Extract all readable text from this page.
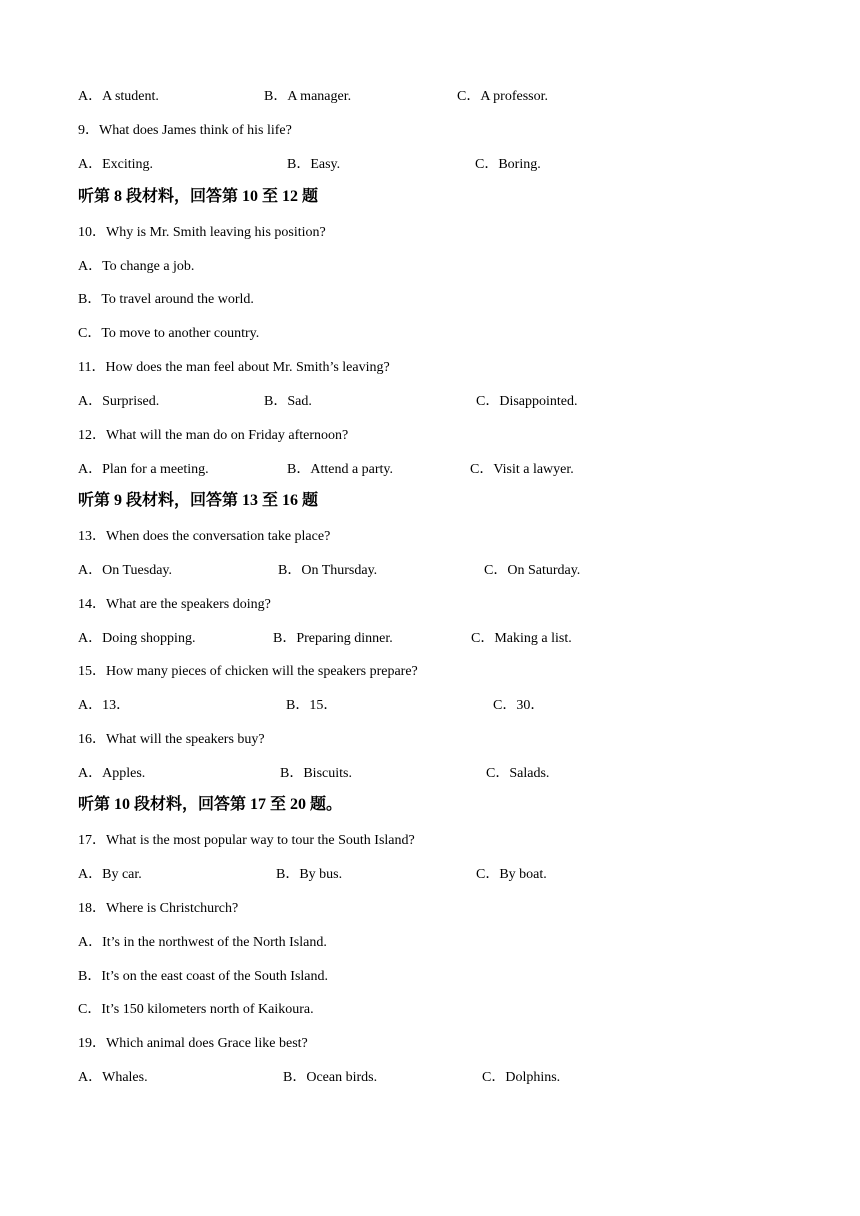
A．A student.	B．A manager.	C．A professor.
9．What does James think of his life?
A．Exciting.	B．Easy.	C．Boring.
听第 8 段材料，回答第 10 至 12 题
10．Why is Mr. Smith leaving his position?
A．To change a job.
B．To travel around the world.
C．To move to another country.
11．How does the man feel about Mr. Smith’s leaving?
A．Surprised.	B．Sad.	C．Disappointed.
12．What will the man do on Friday afternoon?
A．Plan for a meeting.	B．Attend a party.	C．Visit a lawyer.
听第 9 段材料，回答第 13 至 16 题
13．When does the conversation take place?
A．On Tuesday.	B．On Thursday.	C．On Saturday.
14．What are the speakers doing?
A．Doing shopping.	B．Preparing dinner.	C．Making a list.
15．How many pieces of chicken will the speakers prepare?
A．13．	B．15．	C．30．
16．What will the speakers buy?
A．Apples.	B．Biscuits.	C．Salads.
听第 10 段材料，回答第 17 至 20 题。
17．What is the most popular way to tour the South Island?
A．By car.	B．By bus.	C．By boat.
18．Where is Christchurch?
A．It’s in the northwest of the North Island.
B．It’s on the east coast of the South Island.
C．It’s 150 kilometers north of Kaikoura.
19．Which animal does Grace like best?
A．Whales.	B．Ocean birds.	C．Dolphins.
